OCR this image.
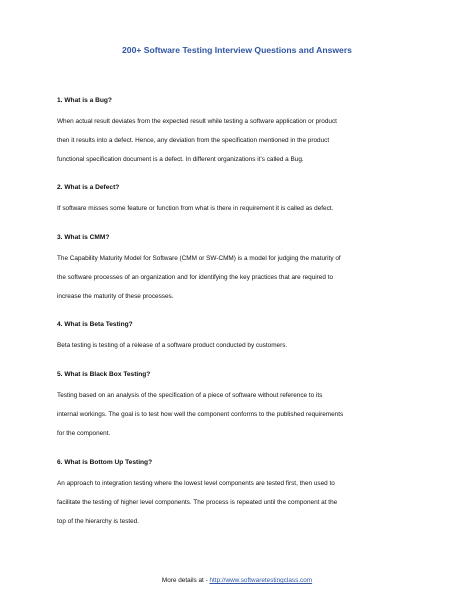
200+ Software Testing Interview Questions and Answers
1. What is a Bug?
When actual result deviates from the expected result while testing a software application or product
then it results into a defect. Hence, any deviation from the specification mentioned in the product
functional specification document is a defect. In different organizations it’s called a Bug.
2. What is a Defect?
If software misses some feature or function from what is there in requirement it is called as defect.
3. What is CMM?
The Capability Maturity Model for Software (CMM or SW-CMM) is a model for judging the maturity of
the software processes of an organization and for identifying the key practices that are required to
increase the maturity of these processes.
4. What is Beta Testing?
Beta testing is testing of a release of a software product conducted by customers.
5. What is Black Box Testing?
Testing based on an analysis of the specification of a piece of software without reference to its
internal workings. The goal is to test how well the component conforms to the published requirements
for the component.
6. What is Bottom Up Testing?
An approach to integration testing where the lowest level components are tested first, then used to
facilitate the testing of higher level components. The process is repeated until the component at the
top of the hierarchy is tested.
More details at - http://www.softwaretestingclass.com
